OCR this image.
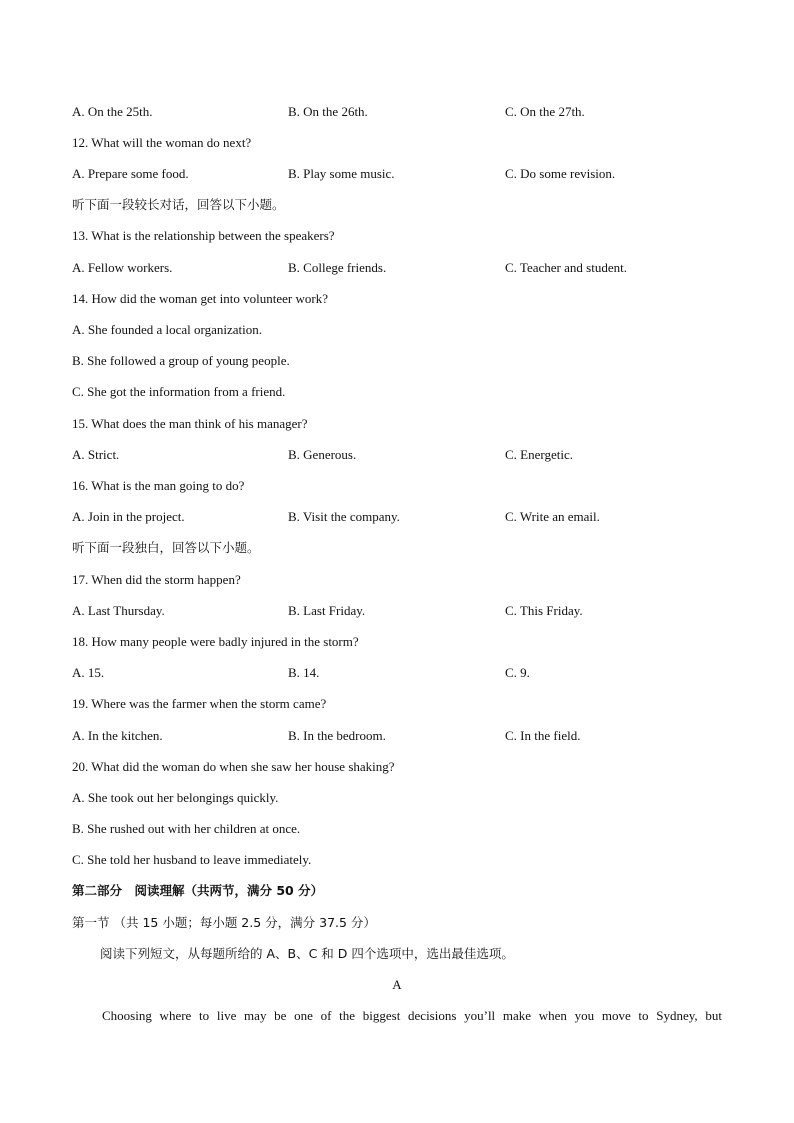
A. On the 25th.	B. On the 26th.	C. On the 27th.
12. What will the woman do next?
A. Prepare some food.	B. Play some music.	C. Do some revision.
听下面一段较长对话，回答以下小题。
13. What is the relationship between the speakers?
A. Fellow workers.	B. College friends.	C. Teacher and student.
14. How did the woman get into volunteer work?
A. She founded a local organization.
B. She followed a group of young people.
C. She got the information from a friend.
15. What does the man think of his manager?
A. Strict.	B. Generous.	C. Energetic.
16. What is the man going to do?
A. Join in the project.	B. Visit the company.	C. Write an email.
听下面一段独白，回答以下小题。
17. When did the storm happen?
A. Last Thursday.	B. Last Friday.	C. This Friday.
18. How many people were badly injured in the storm?
A. 15.	B. 14.	C. 9.
19. Where was the farmer when the storm came?
A. In the kitchen.	B. In the bedroom.	C. In the field.
20. What did the woman do when she saw her house shaking?
A. She took out her belongings quickly.
B. She rushed out with her children at once.
C. She told her husband to leave immediately.
第二部分　阅读理解（共两节，满分 50 分）
第一节 （共 15 小题；每小题 2.5 分，满分 37.5 分）
阅读下列短文，从每题所给的 A、B、C 和 D 四个选项中，选出最佳选项。
A
Choosing where to live may be one of the biggest decisions you’ll make when you move to Sydney, but
